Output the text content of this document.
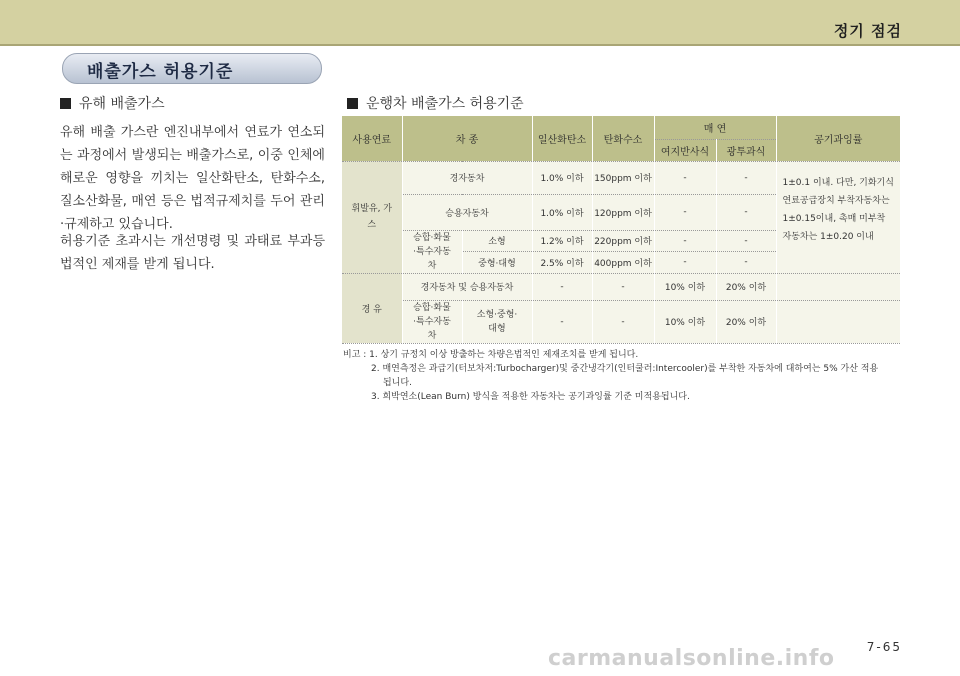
정기 점검
배출가스 허용기준
유해 배출가스
유해 배출 가스란 엔진내부에서 연료가 연소되는 과정에서 발생되는 배출가스로, 이중 인체에 해로운 영향을 끼치는 일산화탄소, 탄화수소, 질소산화물, 매연 등은 법적규제치를 두어 관리·규제하고 있습니다.
허용기준 초과시는 개선명령 및 과태료 부과등 법적인 제재를 받게 됩니다.
운행차 배출가스 허용기준
사용연료	차 종		일산화탄소	탄화수소	매 연		공기과잉률
					여지반사식	광투과식	
휘발유, 가스	경자동차		1.0% 이하	150ppm 이하	-	-	1±0.1 이내. 다만, 기화기식 연료공급장치 부착자동차는 1±0.15이내, 촉매 미부착 자동차는 1±0.20 이내
	승용자동차		1.0% 이하	120ppm 이하	-	-	
	승합·화물·특수자동차	소형	1.2% 이하	220ppm 이하	-	-	
		중형·대형	2.5% 이하	400ppm 이하	-	-	
경 유	경자동차 및 승용자동차		-	-	10% 이하	20% 이하	
	승합·화물·특수자동차	소형·중형·대형	-	-	10% 이하	20% 이하	
비고 : 1. 상기 규정치 이상 방출하는 차량은법적인 제재조치를 받게 됩니다.
2. 매연측정은 과급기(터보차저:Turbocharger)및 중간냉각기(인터쿨러:Intercooler)를 부착한 자동차에 대하여는 5% 가산 적용
됩니다.
3. 희박연소(Lean Burn) 방식을 적용한 자동차는 공기과잉률 기준 미적용됩니다.
7-65
carmanualsonline.info
